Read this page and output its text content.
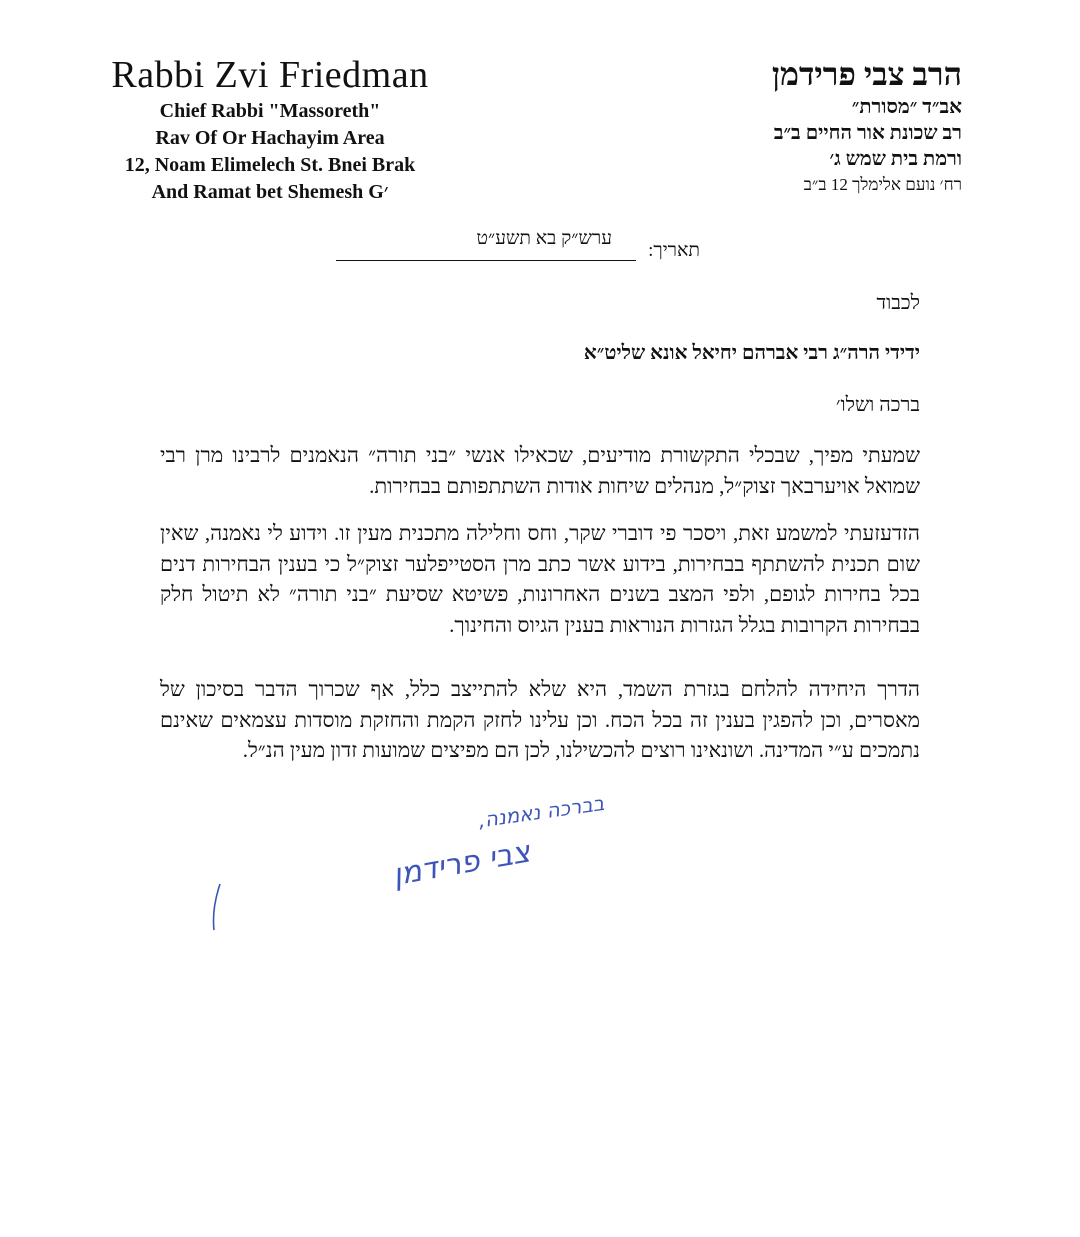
Rabbi Zvi Friedman
Chief Rabbi "Massoreth"
Rav Of Or Hachayim Area
12, Noam Elimelech St. Bnei Brak
And Ramat bet Shemesh G׳
הרב צבי פרידמן
אב״ד ״מסורת״
רב שכונת אור החיים ב״ב
ורמת בית שמש ג׳
רח׳ נועם אלימלך 12 ב״ב
תאריך:
ערש״ק בא תשע״ט
לכבוד
ידידי הרה״ג רבי אברהם יחיאל אונא שליט״א
ברכה ושלו׳

שמעתי מפיך, שבכלי התקשורת מודיעים, שכאילו אנשי ״בני תורה״ הנאמנים לרבינו מרן רבי שמואל אויערבאך זצוק״ל, מנהלים שיחות אודות השתתפותם בבחירות.

הזדעזעתי למשמע זאת, ויסכר פי דוברי שקר, וחס וחלילה מתכנית מעין זו. וידוע לי נאמנה, שאין שום תכנית להשתתף בבחירות, בידוע אשר כתב מרן הסטייפלער זצוק״ל כי בענין הבחירות דנים בכל בחירות לגופם, ולפי המצב בשנים האחרונות, פשיטא שסיעת ״בני תורה״ לא תיטול חלק בבחירות הקרובות בגלל הגזרות הנוראות בענין הגיוס והחינוך.

הדרך היחידה להלחם בגזרת השמד, היא שלא להתייצב כלל, אף שכרוך הדבר בסיכון של מאסרים, וכן להפגין בענין זה בכל הכח. וכן עלינו לחזק הקמת והחזקת מוסדות עצמאים שאינם נתמכים ע״י המדינה. ושונאינו רוצים להכשילנו, לכן הם מפיצים שמועות זדון מעין הנ״ל.

בברכה נאמנה,
צבי פרידמן
